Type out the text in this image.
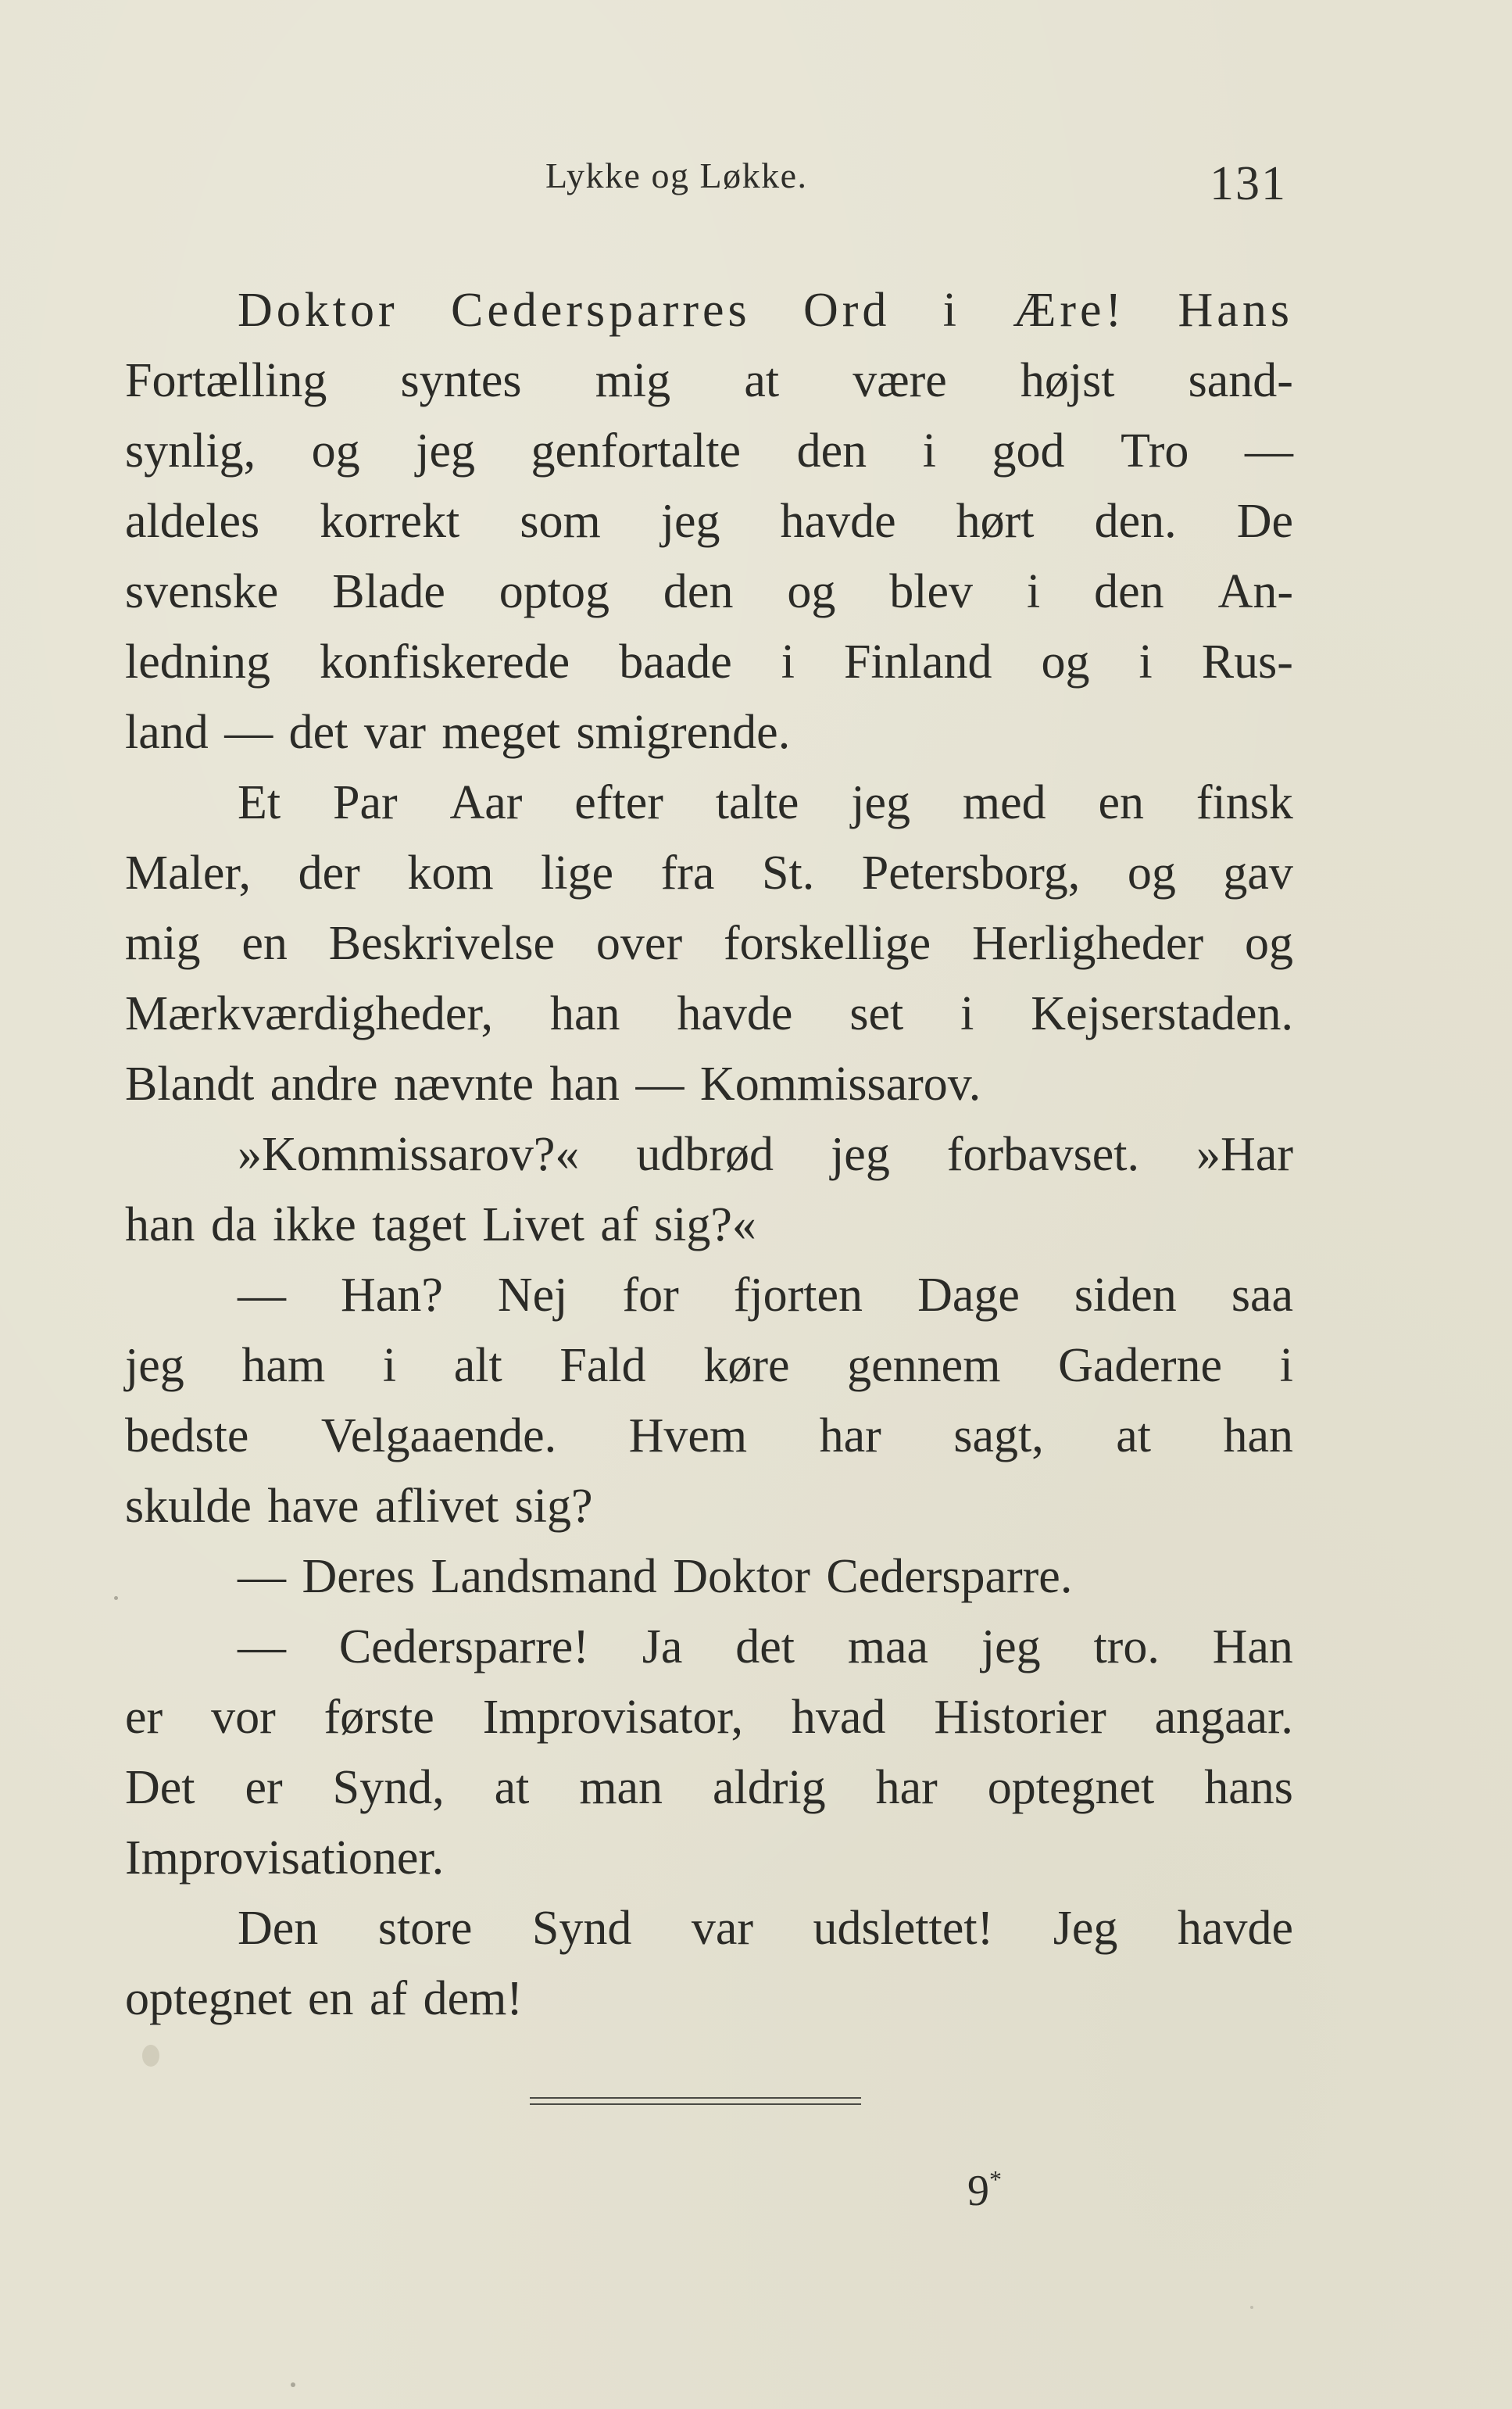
Lykke og Løkke.	131
Doktor Cedersparres Ord i Ære! Hans
Fortælling syntes mig at være højst sand-
synlig, og jeg genfortalte den i god Tro —
aldeles korrekt som jeg havde hørt den. De
svenske Blade optog den og blev i den An-
ledning konfiskerede baade i Finland og i Rus-
land — det var meget smigrende.
Et Par Aar efter talte jeg med en finsk
Maler, der kom lige fra St. Petersborg, og gav
mig en Beskrivelse over forskellige Herligheder og
Mærkværdigheder, han havde set i Kejserstaden.
Blandt andre nævnte han — Kommissarov.
»Kommissarov?« udbrød jeg forbavset. »Har
han da ikke taget Livet af sig?«
— Han? Nej for fjorten Dage siden saa
jeg ham i alt Fald køre gennem Gaderne i
bedste Velgaaende. Hvem har sagt, at han
skulde have aflivet sig?
— Deres Landsmand Doktor Cedersparre.
— Cedersparre! Ja det maa jeg tro. Han
er vor første Improvisator, hvad Historier angaar.
Det er Synd, at man aldrig har optegnet hans
Improvisationer.
Den store Synd var udslettet! Jeg havde
optegnet en af dem!
9*
